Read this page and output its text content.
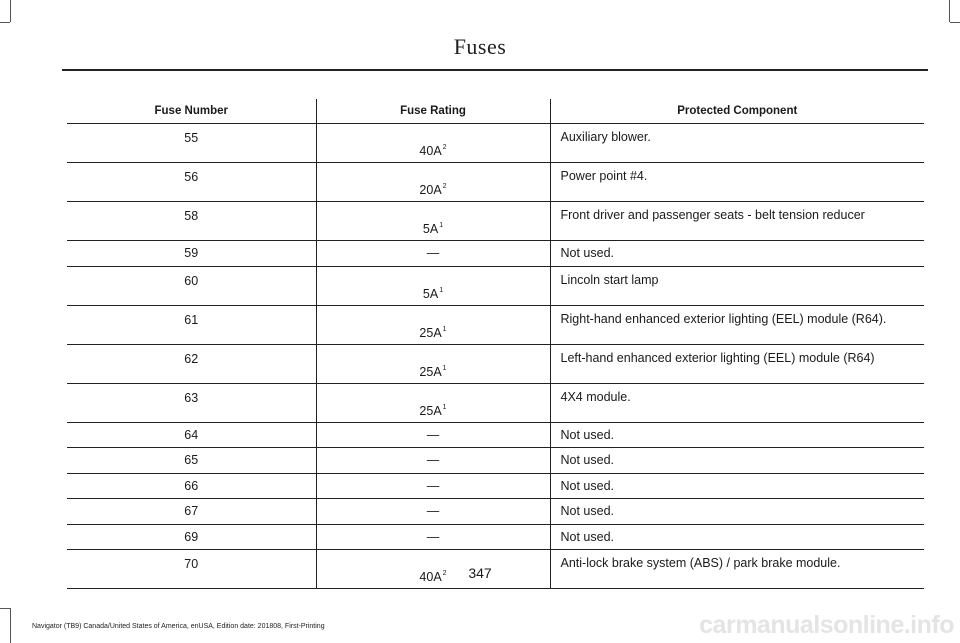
Fuses
Fuse Number	Fuse Rating	Protected Component
55	$40A^2$	Auxiliary blower.
56	$20A^2$	Power point #4.
58	$5A^1$	Front driver and passenger seats - belt tension reducer
59	—	Not used.
60	$5A^1$	Lincoln start lamp
61	$25A^1$	Right-hand enhanced exterior lighting (EEL) module (R64).
62	$25A^1$	Left-hand enhanced exterior lighting (EEL) module (R64)
63	$25A^1$	4X4 module.
64	—	Not used.
65	—	Not used.
66	—	Not used.
67	—	Not used.
69	—	Not used.
70	$40A^2$	Anti-lock brake system (ABS) / park brake module.
347
Navigator (TB9) Canada/United States of America, enUSA, Edition date: 201808, First-Printing	carmanualsonline.info
